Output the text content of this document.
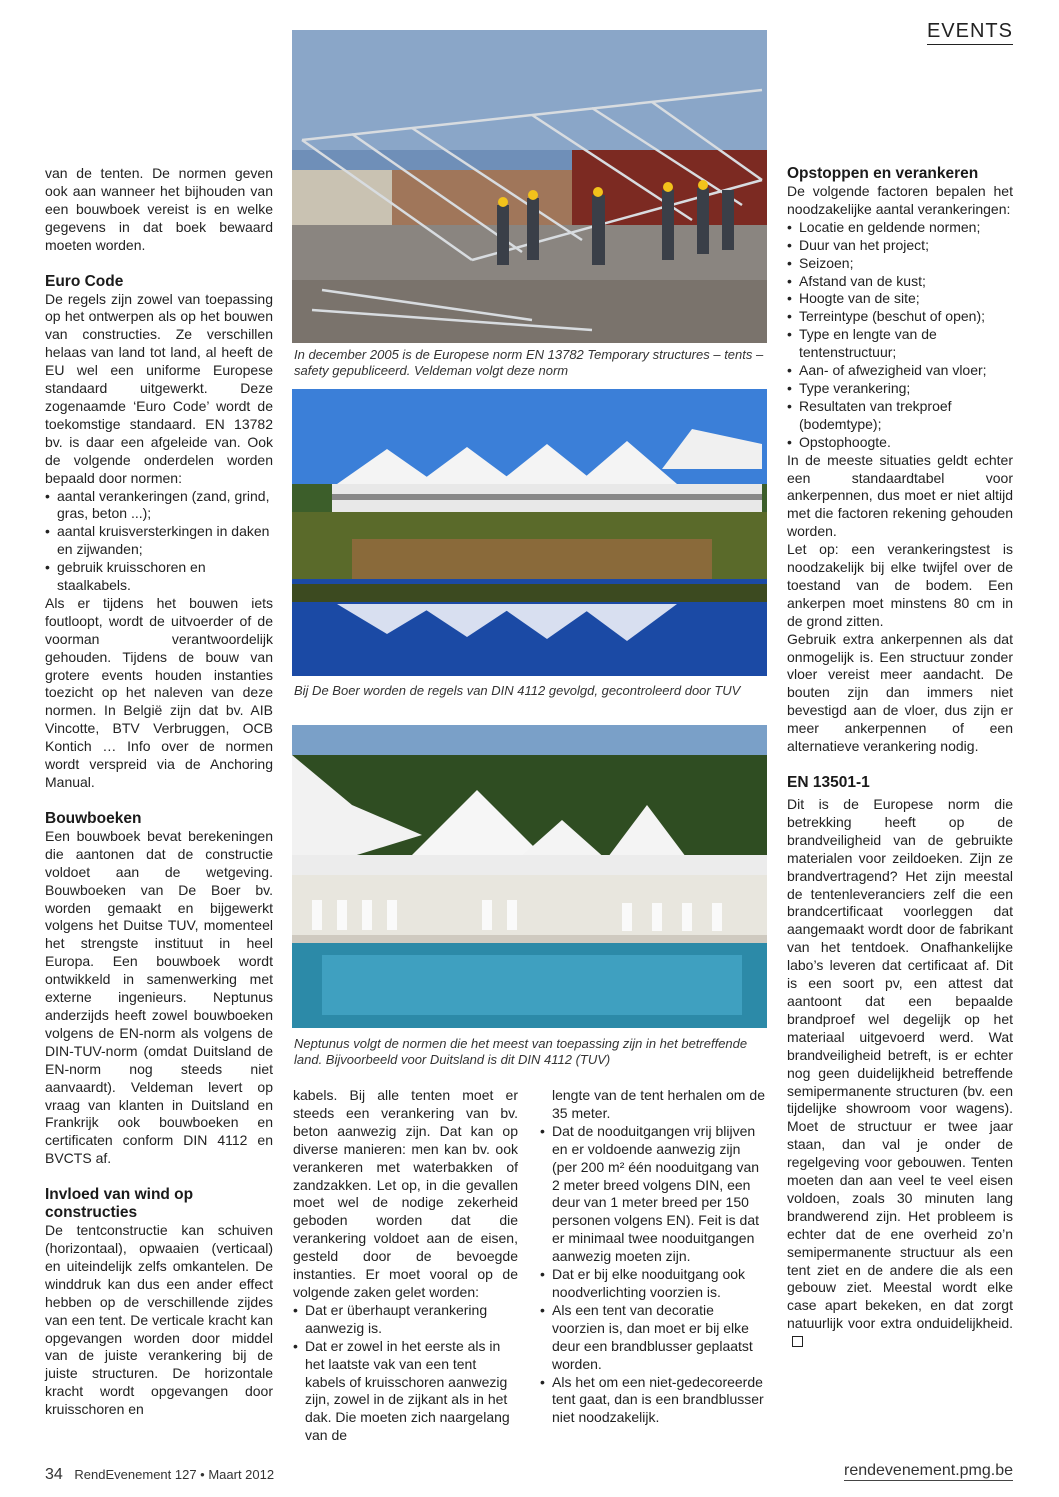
EVENTS

van de tenten. De normen geven ook aan wanneer het bijhouden van een bouwboek vereist is en welke gegevens in dat boek bewaard moeten worden.

Euro Code

De regels zijn zowel van toepassing op het ontwerpen als op het bouwen van constructies. Ze verschillen helaas van land tot land, al heeft de EU wel een uniforme Europese standaard uitgewerkt. Deze zogenaamde ‘Euro Code’ wordt de toekomstige standaard. EN 13782 bv. is daar een afgeleide van. Ook de volgende onderdelen worden bepaald door normen:

• aantal verankeringen (zand, grind, gras, beton ...);
• aantal kruisversterkingen in daken en zijwanden;
• gebruik kruisschoren en staalkabels.

Als er tijdens het bouwen iets foutloopt, wordt de uitvoerder of de voorman verantwoordelijk gehouden. Tijdens de bouw van grotere events houden instanties toezicht op het naleven van deze normen. In België zijn dat bv. AIB Vincotte, BTV Verbruggen, OCB Kontich … Info over de normen wordt verspreid via de Anchoring Manual.

Bouwboeken

Een bouwboek bevat berekeningen die aantonen dat de constructie voldoet aan de wetgeving. Bouwboeken van De Boer bv. worden gemaakt en bijgewerkt volgens het Duitse TUV, momenteel het strengste instituut in heel Europa. Een bouwboek wordt ontwikkeld in samenwerking met externe ingenieurs. Neptunus anderzijds heeft zowel bouwboeken volgens de EN-norm als volgens de DIN-TUV-norm (omdat Duitsland de EN-norm nog steeds niet aanvaardt). Veldeman levert op vraag van klanten in Duitsland en Frankrijk ook bouwboeken en certificaten conform DIN 4112 en BVCTS af.

Invloed van wind op constructies

De tentconstructie kan schuiven (horizontaal), opwaaien (verticaal) en uiteindelijk zelfs omkantelen. De winddruk kan dus een ander effect hebben op de verschillende zijdes van een tent. De verticale kracht kan opgevangen worden door middel van de juiste verankering bij de juiste structuren. De horizontale kracht wordt opgevangen door kruisschoren en

In december 2005 is de Europese norm EN 13782 Temporary structures – tents – safety gepubliceerd. Veldeman volgt deze norm
Bij De Boer worden de regels van DIN 4112 gevolgd, gecontroleerd door TUV
Neptunus volgt de normen die het meest van toepassing zijn in het betreffende land. Bijvoorbeeld voor Duitsland is dit DIN 4112 (TUV)

kabels. Bij alle tenten moet er steeds een verankering van bv. beton aanwezig zijn. Dat kan op diverse manieren: men kan bv. ook verankeren met waterbakken of zandzakken. Let op, in die gevallen moet wel de nodige zekerheid geboden worden dat die verankering voldoet aan de eisen, gesteld door de bevoegde instanties. Er moet vooral op de volgende zaken gelet worden:

• Dat er überhaupt verankering aanwezig is.
• Dat er zowel in het eerste als in het laatste vak van een tent kabels of kruisschoren aanwezig zijn, zowel in de zijkant als in het dak. Die moeten zich naargelang van de

lengte van de tent herhalen om de 35 meter.

• Dat de nooduitgangen vrij blijven en er voldoende aanwezig zijn (per 200 m² één nooduitgang van 2 meter breed volgens DIN, een deur van 1 meter breed per 150 personen volgens EN). Feit is dat er minimaal twee nooduitgangen aanwezig moeten zijn.
• Dat er bij elke nooduitgang ook noodverlichting voorzien is.
• Als een tent van decoratie voorzien is, dan moet er bij elke deur een brandblusser geplaatst worden.
• Als het om een niet-gedecoreerde tent gaat, dan is een brandblusser niet noodzakelijk.
Opstoppen en verankeren

De volgende factoren bepalen het noodzakelijke aantal verankeringen:

• Locatie en geldende normen;
• Duur van het project;
• Seizoen;
• Afstand van de kust;
• Hoogte van de site;
• Terreintype (beschut of open);
• Type en lengte van de tentenstructuur;
• Aan- of afwezigheid van vloer;
• Type verankering;
• Resultaten van trekproef (bodemtype);
• Opstophoogte.

In de meeste situaties geldt echter een standaardtabel voor ankerpennen, dus moet er niet altijd met die factoren rekening gehouden worden.

Let op: een verankeringstest is noodzakelijk bij elke twijfel over de toestand van de bodem. Een ankerpen moet minstens 80 cm in de grond zitten.

Gebruik extra ankerpennen als dat onmogelijk is. Een structuur zonder vloer vereist meer aandacht. De bouten zijn dan immers niet bevestigd aan de vloer, dus zijn er meer ankerpennen of een alternatieve verankering nodig.

EN 13501-1

Dit is de Europese norm die betrekking heeft op de brandveiligheid van de gebruikte materialen voor zeildoeken. Zijn ze brandvertragend? Het zijn meestal de tentenleveranciers zelf die een brandcertificaat voorleggen dat aangemaakt wordt door de fabrikant van het tentdoek. Onafhankelijke labo’s leveren dat certificaat af. Dit is een soort pv, een attest dat aantoont dat een bepaalde brandproef wel degelijk op het materiaal uitgevoerd werd. Wat brandveiligheid betreft, is er echter nog geen duidelijkheid betreffende semipermanente structuren (bv. een tijdelijke showroom voor wagens). Moet de structuur er twee jaar staan, dan val je onder de regelgeving voor gebouwen. Tenten moeten dan aan veel te veel eisen voldoen, zoals 30 minuten lang brandwerend zijn. Het probleem is echter dat de ene overheid zo’n semipermanente structuur als een tent ziet en de andere die als een gebouw ziet. Meestal wordt elke case apart bekeken, en dat zorgt natuurlijk voor extra onduidelijkheid.

34 RendEvenement 127 • Maart 2012	rendevenement.pmg.be
